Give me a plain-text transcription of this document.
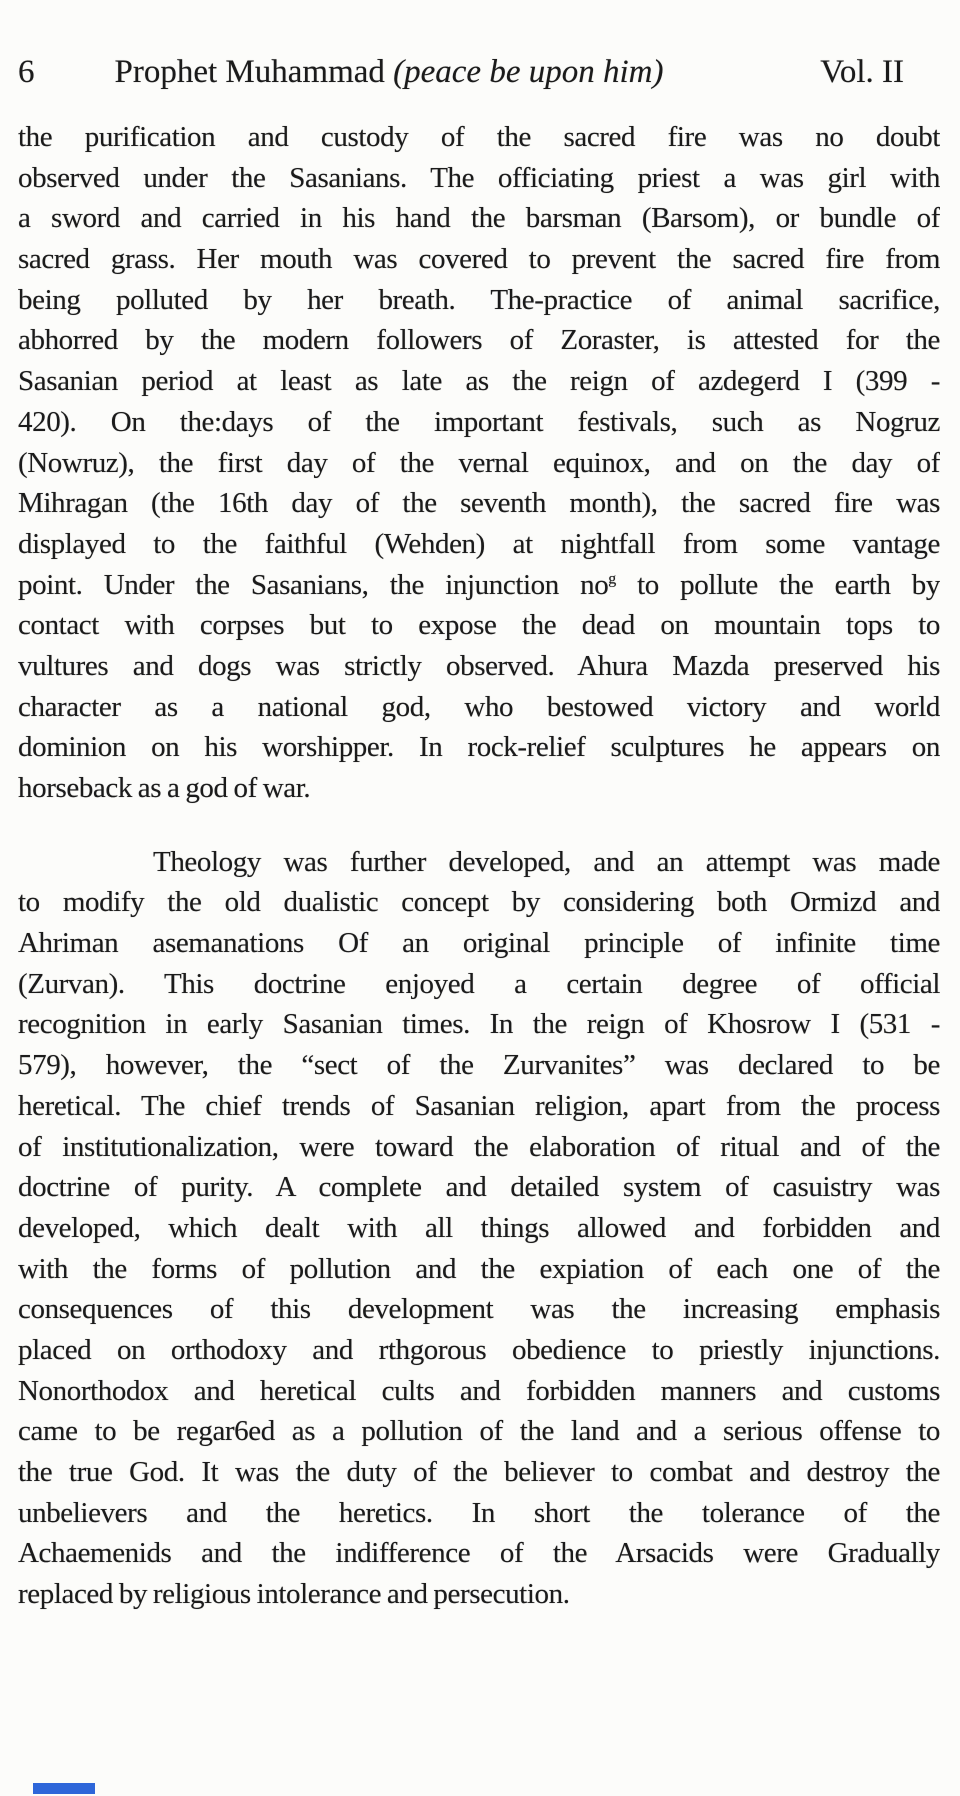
6 Prophet Muhammad (peace be upon him)	Vol. II
the purification and custody of the sacred fire was no doubt
observed under the Sasanians. The officiating priest a was girl with
a sword and carried in his hand the barsman (Barsom), or bundle of
sacred grass. Her mouth was covered to prevent the sacred fire from
being polluted by her breath. The-practice of animal sacrifice,
abhorred by the modern followers of Zoraster, is attested for the
Sasanian period at least as late as the reign of azdegerd I (399 -
420). On the:days of the important festivals, such as Nogruz
(Nowruz), the first day of the vernal equinox, and on the day of
Mihragan (the 16th day of the seventh month), the sacred fire was
displayed to the faithful (Wehden) at nightfall from some vantage
point. Under the Sasanians, the injunction $no^g$ to pollute the earth by
contact with corpses but to expose the dead on mountain tops to
vultures and dogs was strictly observed. Ahura Mazda preserved his
character as a national god, who bestowed victory and world
dominion on his worshipper. In rock-relief sculptures he appears on
horseback as a god of war.
Theology was further developed, and an attempt was made
to modify the old dualistic concept by considering both Ormizd and
Ahriman asemanations Of an original principle of infinite time
(Zurvan). This doctrine enjoyed a certain degree of official
recognition in early Sasanian times. In the reign of Khosrow I (531 -
579), however, the “sect of the Zurvanites” was declared to be
heretical. The chief trends of Sasanian religion, apart from the process
of institutionalization, were toward the elaboration of ritual and of the
doctrine of purity. A complete and detailed system of casuistry was
developed, which dealt with all things allowed and forbidden and
with the forms of pollution and the expiation of each one of the
consequences of this development was the increasing emphasis
placed on orthodoxy and rthgorous obedience to priestly injunctions.
Nonorthodox and heretical cults and forbidden manners and customs
came to be regar6ed as a pollution of the land and a serious offense to
the true God. It was the duty of the believer to combat and destroy the
unbelievers and the heretics. In short the tolerance of the
Achaemenids and the indifference of the Arsacids were Gradually
replaced by religious intolerance and persecution.
